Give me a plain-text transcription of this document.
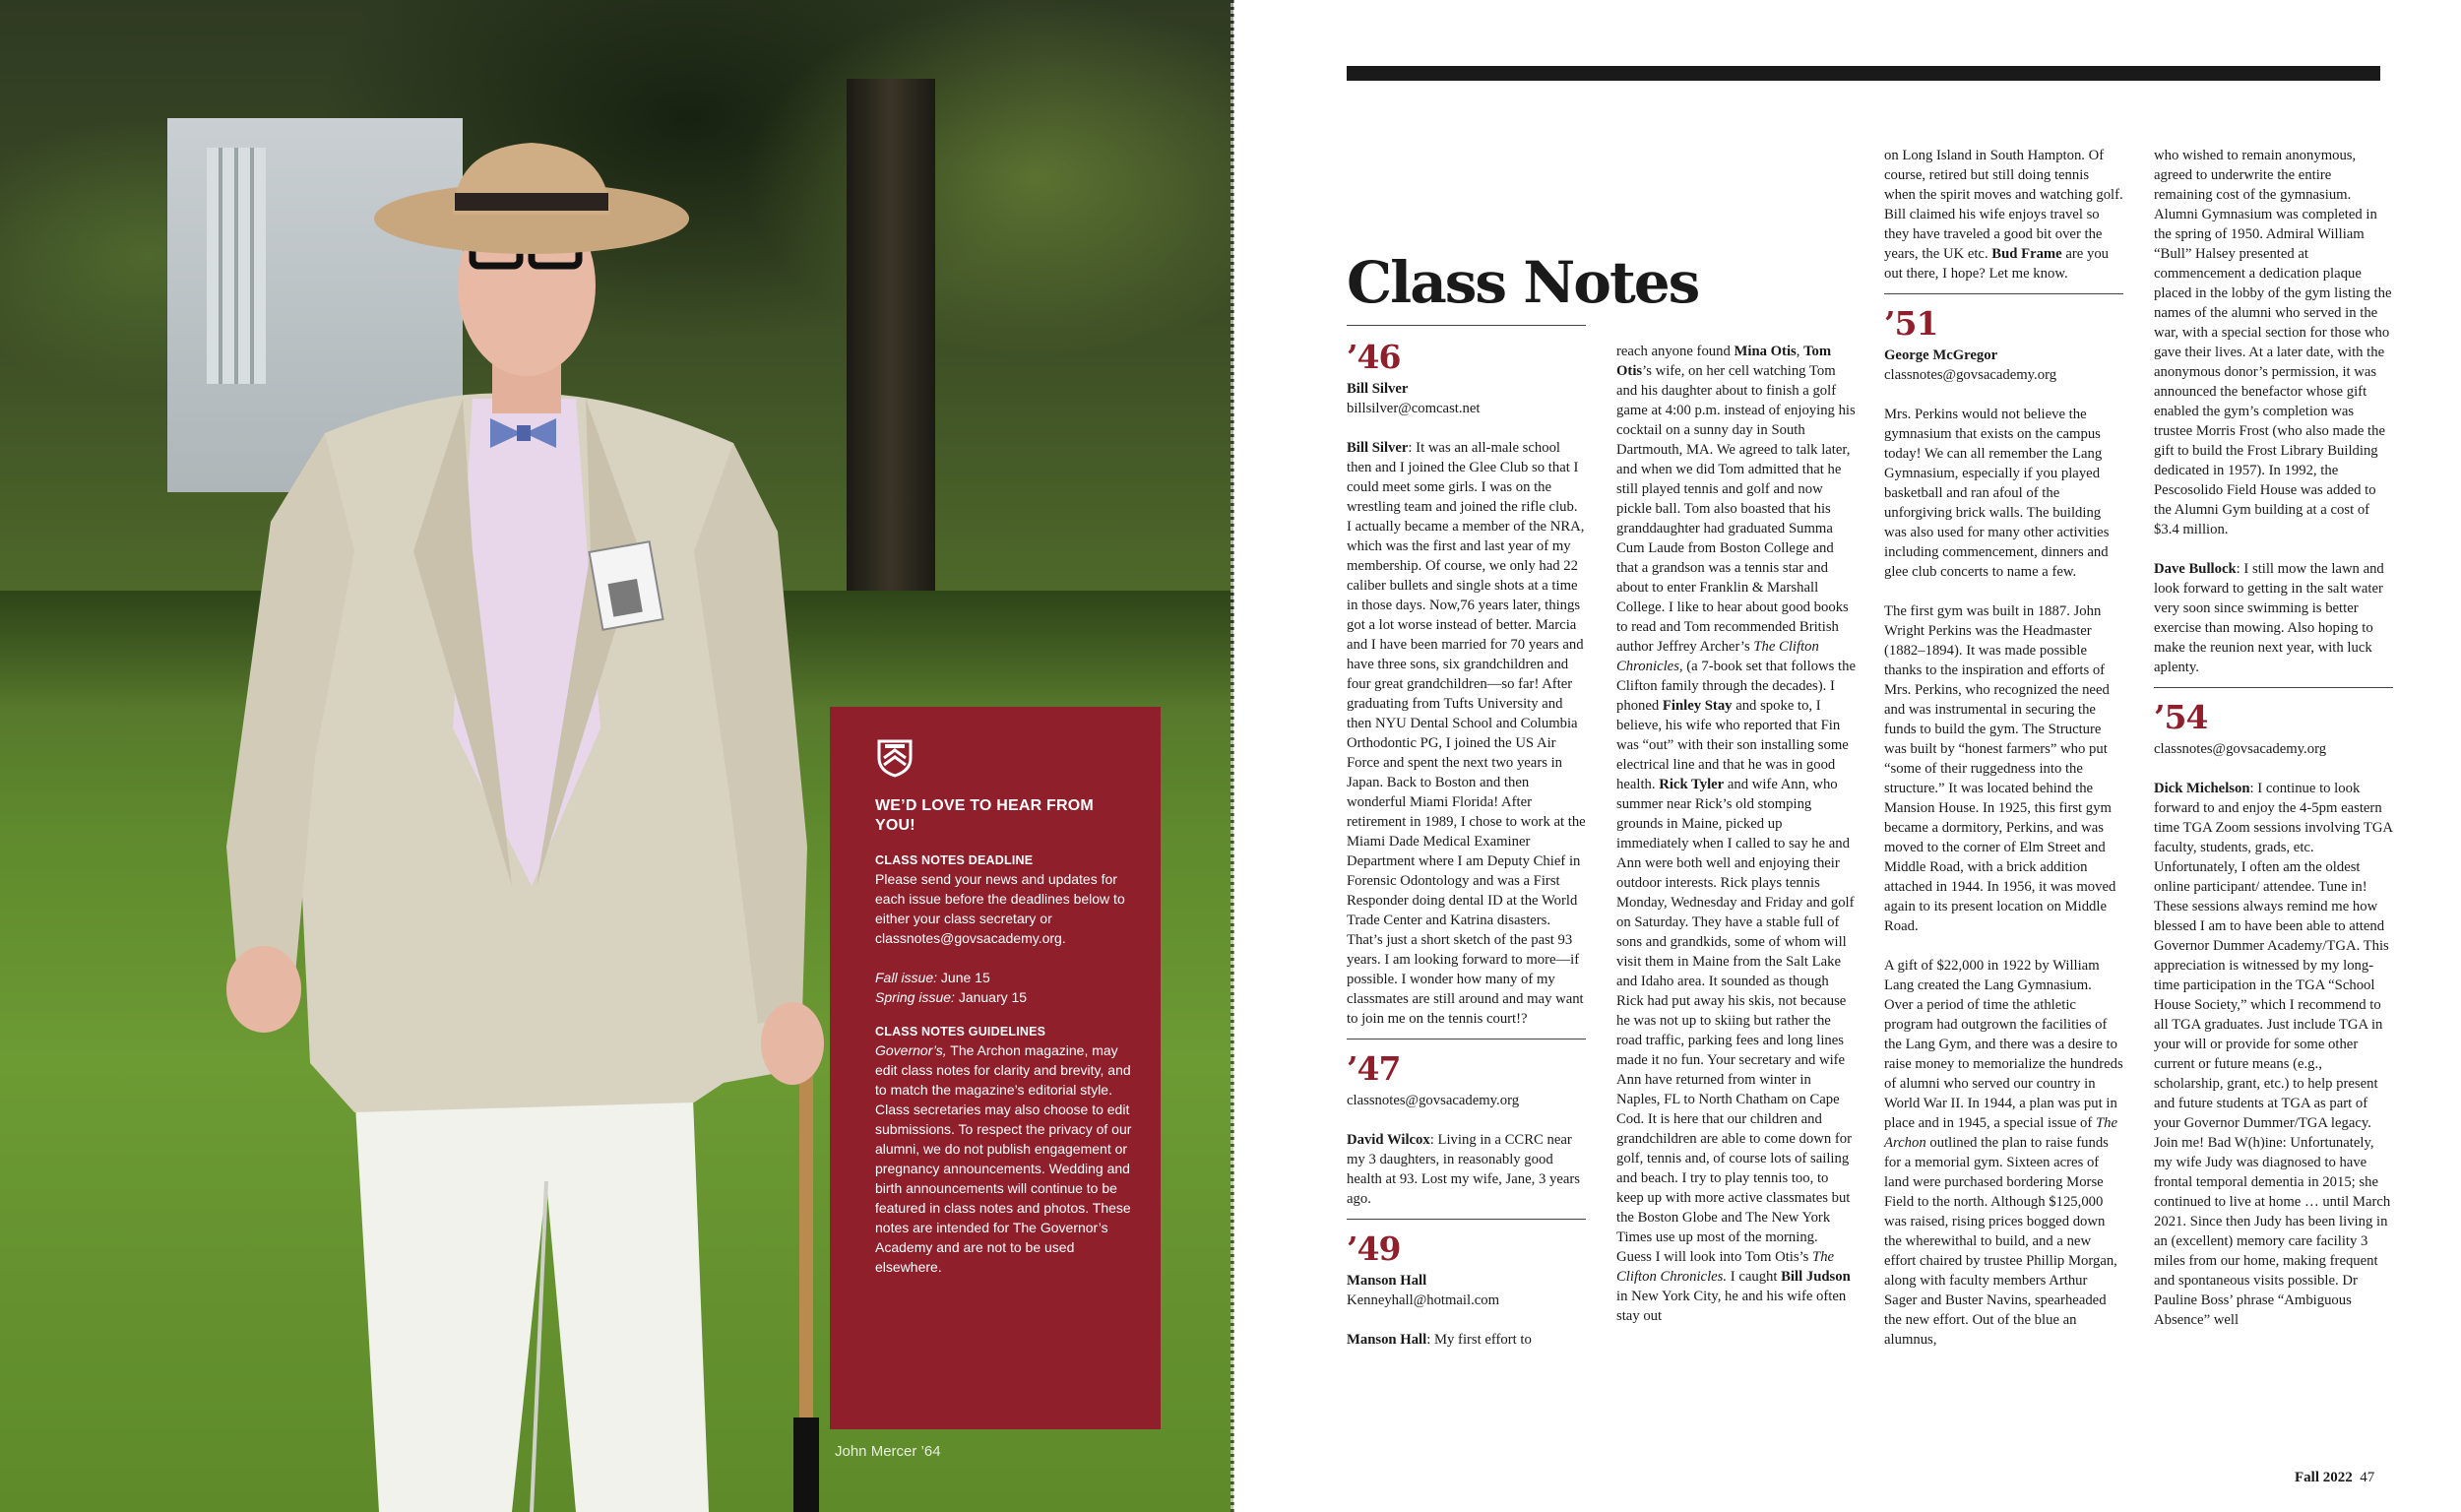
John Mercer ’64
WE’D LOVE TO HEAR FROM YOU!
CLASS NOTES DEADLINE

Please send your news and updates for each issue before the deadlines below to either your class secretary or classnotes@govsacademy.org.

Fall issue: June 15

Spring issue: January 15

CLASS NOTES GUIDELINES

Governor’s, The Archon magazine, may edit class notes for clarity and brevity, and to match the magazine’s editorial style. Class secretaries may also choose to edit submissions. To respect the privacy of our alumni, we do not publish engagement or pregnancy announcements. Wedding and birth announcements will continue to be featured in class notes and photos. These notes are intended for The Governor’s Academy and are not to be used elsewhere.

Class Notes
’46

Bill Silver

billsilver@comcast.net

Bill Silver: It was an all-male school then and I joined the Glee Club so that I could meet some girls. I was on the wrestling team and joined the rifle club. I actually became a member of the NRA, which was the first and last year of my membership. Of course, we only had 22 caliber bullets and single shots at a time in those days. Now,76 years later, things got a lot worse instead of better. Marcia and I have been married for 70 years and have three sons, six grandchildren and four great grandchildren—so far! After graduating from Tufts University and then NYU Dental School and Columbia Orthodontic PG, I joined the US Air Force and spent the next two years in Japan. Back to Boston and then wonderful Miami Florida! After retirement in 1989, I chose to work at the Miami Dade Medical Examiner Department where I am Deputy Chief in Forensic Odontology and was a First Responder doing dental ID at the World Trade Center and Katrina disasters. That’s just a short sketch of the past 93 years. I am looking forward to more—if possible. I wonder how many of my classmates are still around and may want to join me on the tennis court!?

’47

classnotes@govsacademy.org

David Wilcox: Living in a CCRC near my 3 daughters, in reasonably good health at 93. Lost my wife, Jane, 3 years ago.

’49

Manson Hall

Kenneyhall@hotmail.com

Manson Hall: My first effort to

reach anyone found Mina Otis, Tom Otis’s wife, on her cell watching Tom and his daughter about to finish a golf game at 4:00 p.m. instead of enjoying his cocktail on a sunny day in South Dartmouth, MA. We agreed to talk later, and when we did Tom admitted that he still played tennis and golf and now pickle ball. Tom also boasted that his granddaughter had graduated Summa Cum Laude from Boston College and that a grandson was a tennis star and about to enter Franklin & Marshall College. I like to hear about good books to read and Tom recommended British author Jeffrey Archer’s The Clifton Chronicles, (a 7-book set that follows the Clifton family through the decades). I phoned Finley Stay and spoke to, I believe, his wife who reported that Fin was “out” with their son installing some electrical line and that he was in good health. Rick Tyler and wife Ann, who summer near Rick’s old stomping grounds in Maine, picked up immediately when I called to say he and Ann were both well and enjoying their outdoor interests. Rick plays tennis Monday, Wednesday and Friday and golf on Saturday. They have a stable full of sons and grandkids, some of whom will visit them in Maine from the Salt Lake and Idaho area. It sounded as though Rick had put away his skis, not because he was not up to skiing but rather the road traffic, parking fees and long lines made it no fun. Your secretary and wife Ann have returned from winter in Naples, FL to North Chatham on Cape Cod. It is here that our children and grandchildren are able to come down for golf, tennis and, of course lots of sailing and beach. I try to play tennis too, to keep up with more active classmates but the Boston Globe and The New York Times use up most of the morning. Guess I will look into Tom Otis’s The Clifton Chronicles. I caught Bill Judson in New York City, he and his wife often stay out

on Long Island in South Hampton. Of course, retired but still doing tennis when the spirit moves and watching golf. Bill claimed his wife enjoys travel so they have traveled a good bit over the years, the UK etc. Bud Frame are you out there, I hope? Let me know.

’51

George McGregor

classnotes@govsacademy.org

Mrs. Perkins would not believe the gymnasium that exists on the campus today! We can all remember the Lang Gymnasium, especially if you played basketball and ran afoul of the unforgiving brick walls. The building was also used for many other activities including commencement, dinners and glee club concerts to name a few.

The first gym was built in 1887. John Wright Perkins was the Headmaster (1882–1894). It was made possible thanks to the inspiration and efforts of Mrs. Perkins, who recognized the need and was instrumental in securing the funds to build the gym. The Structure was built by “honest farmers” who put “some of their ruggedness into the structure.” It was located behind the Mansion House. In 1925, this first gym became a dormitory, Perkins, and was moved to the corner of Elm Street and Middle Road, with a brick addition attached in 1944. In 1956, it was moved again to its present location on Middle Road.

A gift of $22,000 in 1922 by William Lang created the Lang Gymnasium. Over a period of time the athletic program had outgrown the facilities of the Lang Gym, and there was a desire to raise money to memorialize the hundreds of alumni who served our country in World War II. In 1944, a plan was put in place and in 1945, a special issue of The Archon outlined the plan to raise funds for a memorial gym. Sixteen acres of land were purchased bordering Morse Field to the north. Although $125,000 was raised, rising prices bogged down the wherewithal to build, and a new effort chaired by trustee Phillip Morgan, along with faculty members Arthur Sager and Buster Navins, spearheaded the new effort. Out of the blue an alumnus,

who wished to remain anonymous, agreed to underwrite the entire remaining cost of the gymnasium. Alumni Gymnasium was completed in the spring of 1950. Admiral William “Bull” Halsey presented at commencement a dedication plaque placed in the lobby of the gym listing the names of the alumni who served in the war, with a special section for those who gave their lives. At a later date, with the anonymous donor’s permission, it was announced the benefactor whose gift enabled the gym’s completion was trustee Morris Frost (who also made the gift to build the Frost Library Building dedicated in 1957). In 1992, the Pescosolido Field House was added to the Alumni Gym building at a cost of $3.4 million.

Dave Bullock: I still mow the lawn and look forward to getting in the salt water very soon since swimming is better exercise than mowing. Also hoping to make the reunion next year, with luck aplenty.

’54

classnotes@govsacademy.org

Dick Michelson: I continue to look forward to and enjoy the 4-5pm eastern time TGA Zoom sessions involving TGA faculty, students, grads, etc. Unfortunately, I often am the oldest online participant/ attendee. Tune in! These sessions always remind me how blessed I am to have been able to attend Governor Dummer Academy/TGA. This appreciation is witnessed by my long-time participation in the TGA “School House Society,” which I recommend to all TGA graduates. Just include TGA in your will or provide for some other current or future means (e.g., scholarship, grant, etc.) to help present and future students at TGA as part of your Governor Dummer/TGA legacy. Join me! Bad W(h)ine: Unfortunately, my wife Judy was diagnosed to have frontal temporal dementia in 2015; she continued to live at home … until March 2021. Since then Judy has been living in an (excellent) memory care facility 3 miles from our home, making frequent and spontaneous visits possible. Dr Pauline Boss’ phrase “Ambiguous Absence” well

Fall 2022 47
